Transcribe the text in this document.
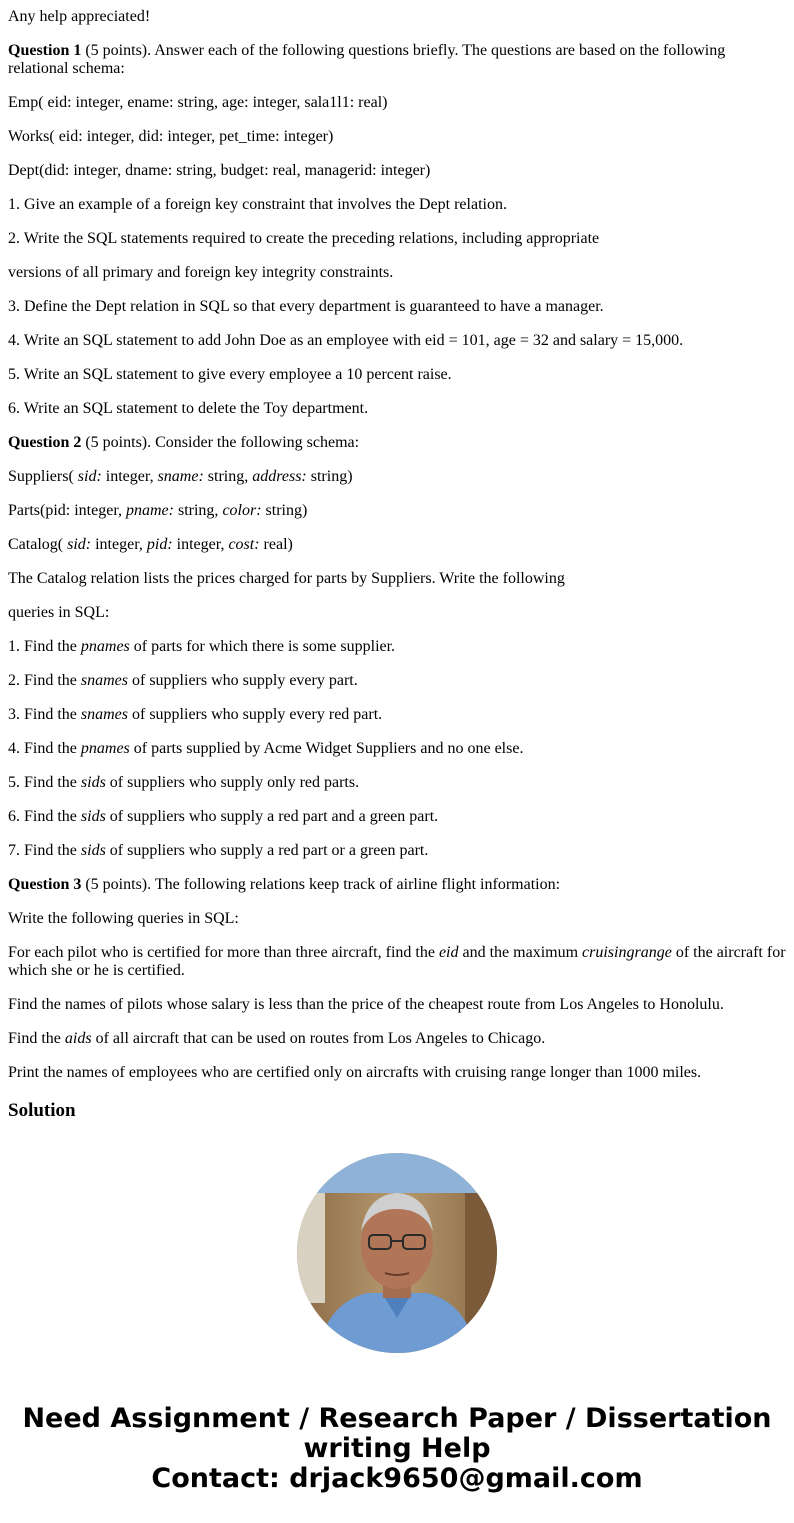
Any help appreciated!

Question 1 (5 points). Answer each of the following questions briefly. The questions are based on the following relational schema:

Emp( eid: integer, ename: string, age: integer, sala1l1: real)

Works( eid: integer, did: integer, pet_time: integer)

Dept(did: integer, dname: string, budget: real, managerid: integer)

1. Give an example of a foreign key constraint that involves the Dept relation.

2. Write the SQL statements required to create the preceding relations, including appropriate

versions of all primary and foreign key integrity constraints.

3. Define the Dept relation in SQL so that every department is guaranteed to have a manager.

4. Write an SQL statement to add John Doe as an employee with eid = 101, age = 32 and salary = 15,000.

5. Write an SQL statement to give every employee a 10 percent raise.

6. Write an SQL statement to delete the Toy department.

Question 2 (5 points). Consider the following schema:

Suppliers( sid: integer, sname: string, address: string)

Parts(pid: integer, pname: string, color: string)

Catalog( sid: integer, pid: integer, cost: real)

The Catalog relation lists the prices charged for parts by Suppliers. Write the following

queries in SQL:

1. Find the pnames of parts for which there is some supplier.

2. Find the snames of suppliers who supply every part.

3. Find the snames of suppliers who supply every red part.

4. Find the pnames of parts supplied by Acme Widget Suppliers and no one else.

5. Find the sids of suppliers who supply only red parts.

6. Find the sids of suppliers who supply a red part and a green part.

7. Find the sids of suppliers who supply a red part or a green part.

Question 3 (5 points). The following relations keep track of airline flight information:

Write the following queries in SQL:

For each pilot who is certified for more than three aircraft, find the eid and the maximum cruisingrange of the aircraft for which she or he is certified.

Find the names of pilots whose salary is less than the price of the cheapest route from Los Angeles to Honolulu.

Find the aids of all aircraft that can be used on routes from Los Angeles to Chicago.

Print the names of employees who are certified only on aircrafts with cruising range longer than 1000 miles.

Solution
Need Assignment / Research Paper / Dissertation
writing Help
Contact: drjack9650@gmail.com
